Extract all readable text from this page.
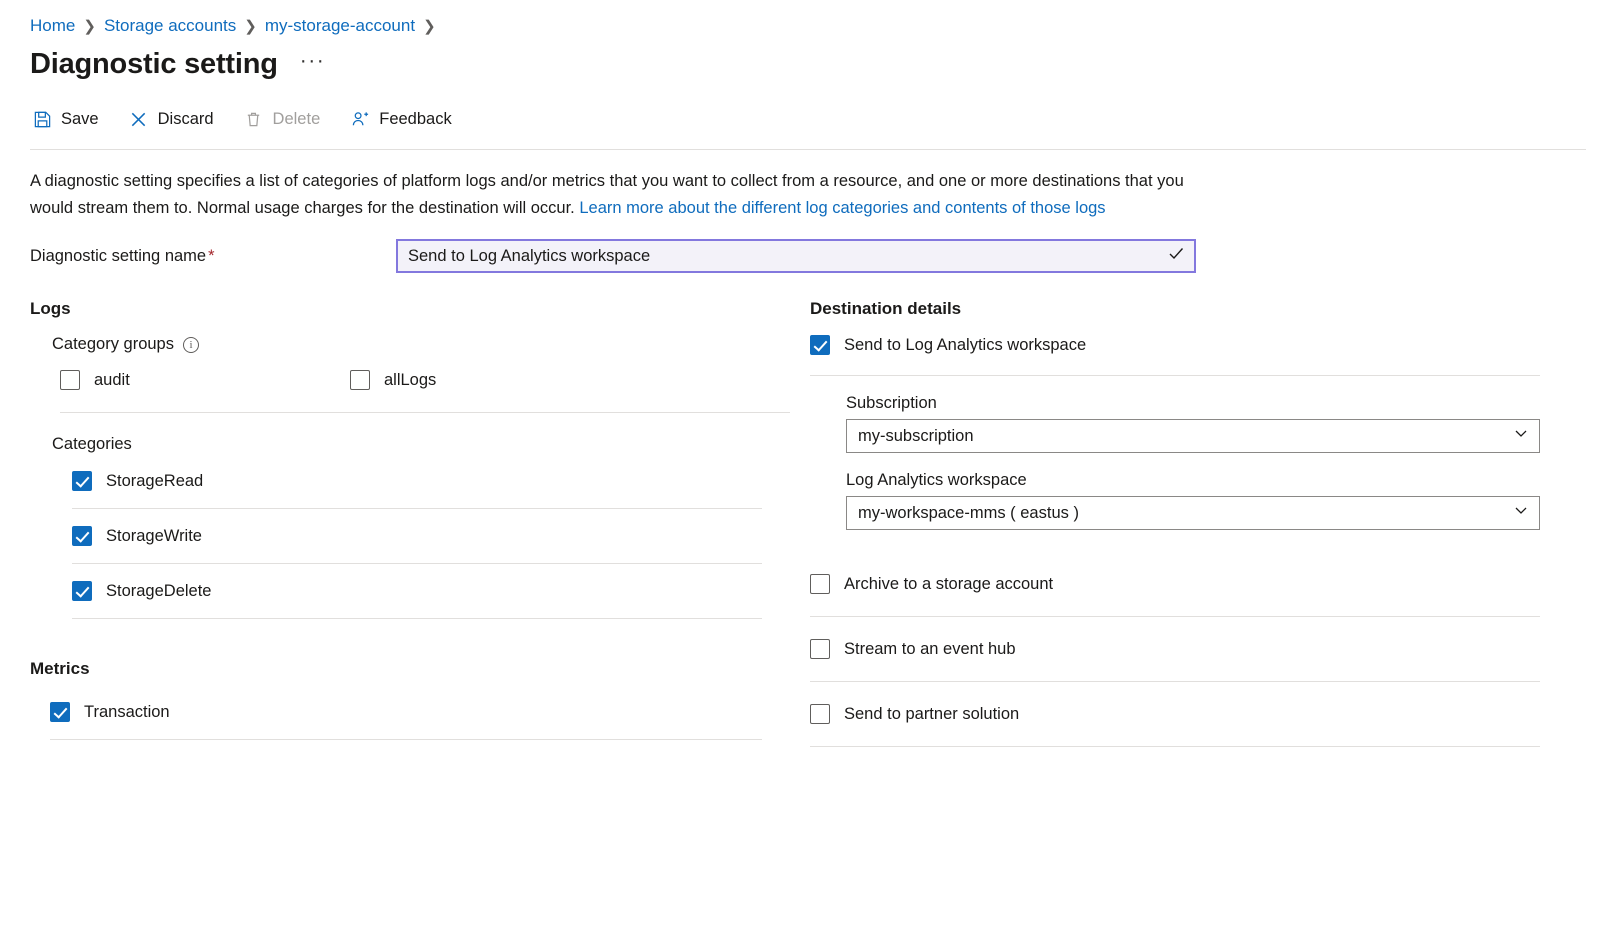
Home ❯ Storage accounts ❯ my-storage-account ❯
Diagnostic setting ···
Save	Discard	Delete	Feedback
A diagnostic setting specifies a list of categories of platform logs and/or metrics that you want to collect from a resource, and one or more destinations that you would stream them to. Normal usage charges for the destination will occur. Learn more about the different log categories and contents of those logs
Diagnostic setting name *
Send to Log Analytics workspace
Logs
Category groups	i
audit	allLogs
Categories
StorageRead
StorageWrite
StorageDelete
Metrics
Transaction
Destination details
Send to Log Analytics workspace
Subscription
my-subscription
Log Analytics workspace
my-workspace-mms ( eastus )
Archive to a storage account
Stream to an event hub
Send to partner solution
